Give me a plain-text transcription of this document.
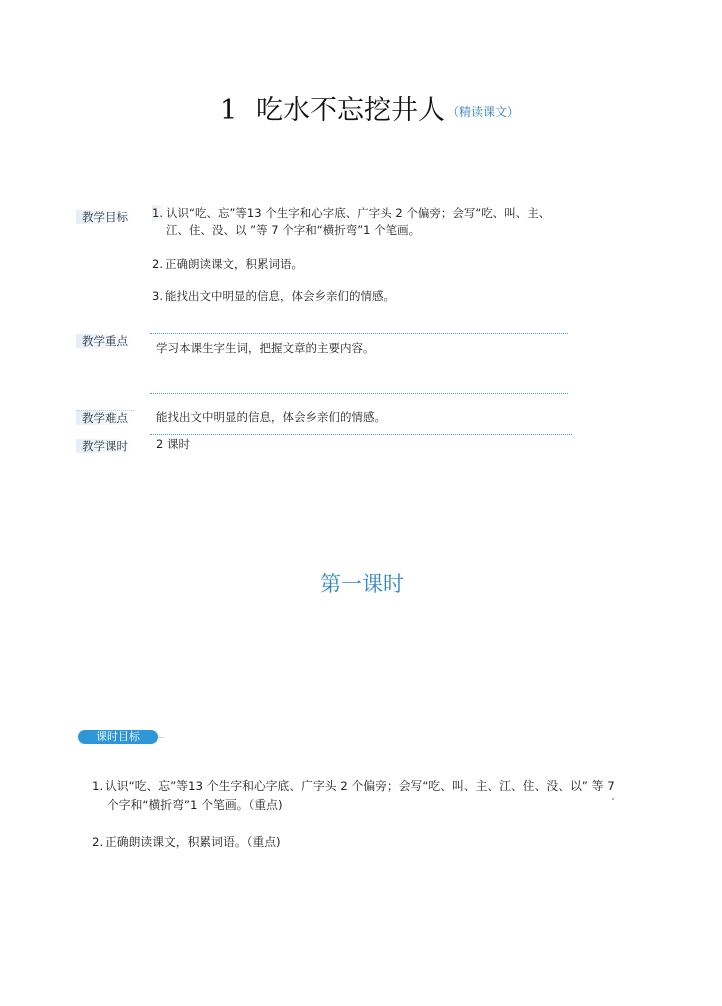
1 吃水不忘挖井人 $^{(精读课文)}$
教学目标	1. 认识“吃、忘”等13 个生字和心字底、广字头 2 个偏旁；会写“吃、叫、主、
江、住、没、以 ”等 7 个字和“横折弯”1 个笔画。
2. 正确朗读课文，积累词语。
3. 能找出文中明显的信息，体会乡亲们的情感。
教学重点	学习本课生字生词，把握文章的主要内容。
教学难点	能找出文中明显的信息，体会乡亲们的情感。
教学课时	2 课时
第一课时
课时目标
1. 认识“吃、忘”等13 个生字和心字底、广字头 2 个偏旁；会写“吃、叫、主、江、住、没、以” 等 7
个字和“横折弯”1 个笔画。（重点)
2. 正确朗读课文，积累词语。（重点)
